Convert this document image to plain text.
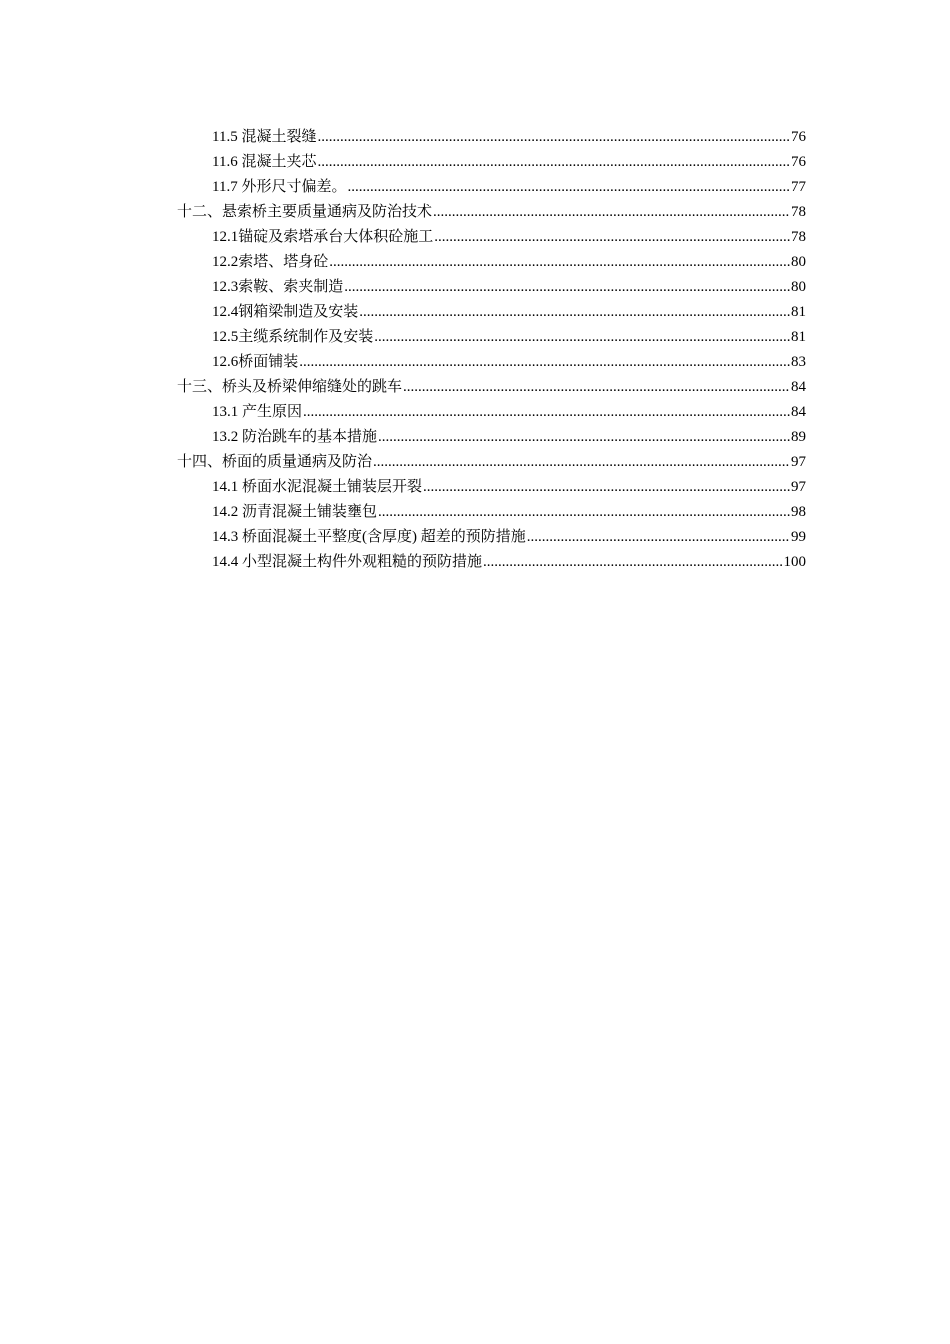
11.5 混凝土裂缝 .....	76
11.6 混凝土夹芯 .....	76
11.7 外形尺寸偏差。 .....	77
十二、悬索桥主要质量通病及防治技术 .....	78
12.1 锚碇及索塔承台大体积砼施工 .....	78
12.2 索塔、塔身砼 .....	80
12.3 索鞍、索夹制造 .....	80
12.4 钢箱梁制造及安装 .....	81
12.5 主缆系统制作及安装 .....	81
12.6 桥面铺装 .....	83
十三、桥头及桥梁伸缩缝处的跳车 .....	84
13.1 产生原因 .....	84
13.2 防治跳车的基本措施 .....	89
十四、桥面的质量通病及防治 .....	97
14.1 桥面水泥混凝土铺装层开裂 .....	97
14.2 沥青混凝土铺装壅包 .....	98
14.3 桥面混凝土平整度(含厚度) 超差的预防措施 .....	99
14.4 小型混凝土构件外观粗糙的预防措施 .....	100
